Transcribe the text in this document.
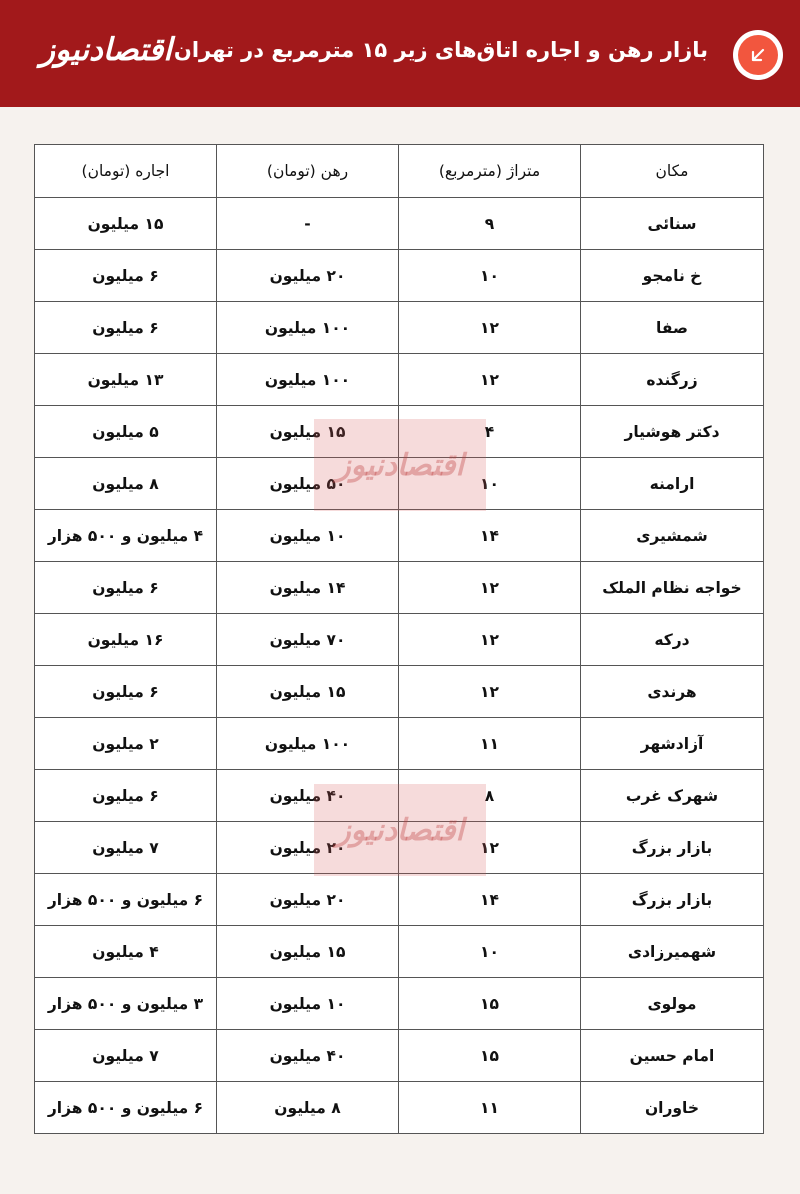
بازار رهن و اجاره اتاق‌های زیر ۱۵ مترمربع در تهران
اقتصادنیوز
اقتصادنیوز
اقتصادنیوز
مکان	متراژ (مترمربع)	رهن (تومان)	اجاره (تومان)
سنائی	۹	-	۱۵ میلیون
خ نامجو	۱۰	۲۰ میلیون	۶ میلیون
صفا	۱۲	۱۰۰ میلیون	۶ میلیون
زرگنده	۱۲	۱۰۰ میلیون	۱۳ میلیون
دکتر هوشیار	۴	۱۵ میلیون	۵ میلیون
ارامنه	۱۰	۵۰ میلیون	۸ میلیون
شمشیری	۱۴	۱۰ میلیون	۴ میلیون و ۵۰۰ هزار
خواجه نظام الملک	۱۲	۱۴ میلیون	۶ میلیون
درکه	۱۲	۷۰ میلیون	۱۶ میلیون
هرندی	۱۲	۱۵ میلیون	۶ میلیون
آزادشهر	۱۱	۱۰۰ میلیون	۲ میلیون
شهرک غرب	۸	۴۰ میلیون	۶ میلیون
بازار بزرگ	۱۲	۲۰ میلیون	۷ میلیون
بازار بزرگ	۱۴	۲۰ میلیون	۶ میلیون و ۵۰۰ هزار
شهمیرزادی	۱۰	۱۵ میلیون	۴ میلیون
مولوی	۱۵	۱۰ میلیون	۳ میلیون و ۵۰۰ هزار
امام حسین	۱۵	۴۰ میلیون	۷ میلیون
خاوران	۱۱	۸ میلیون	۶ میلیون و ۵۰۰ هزار
